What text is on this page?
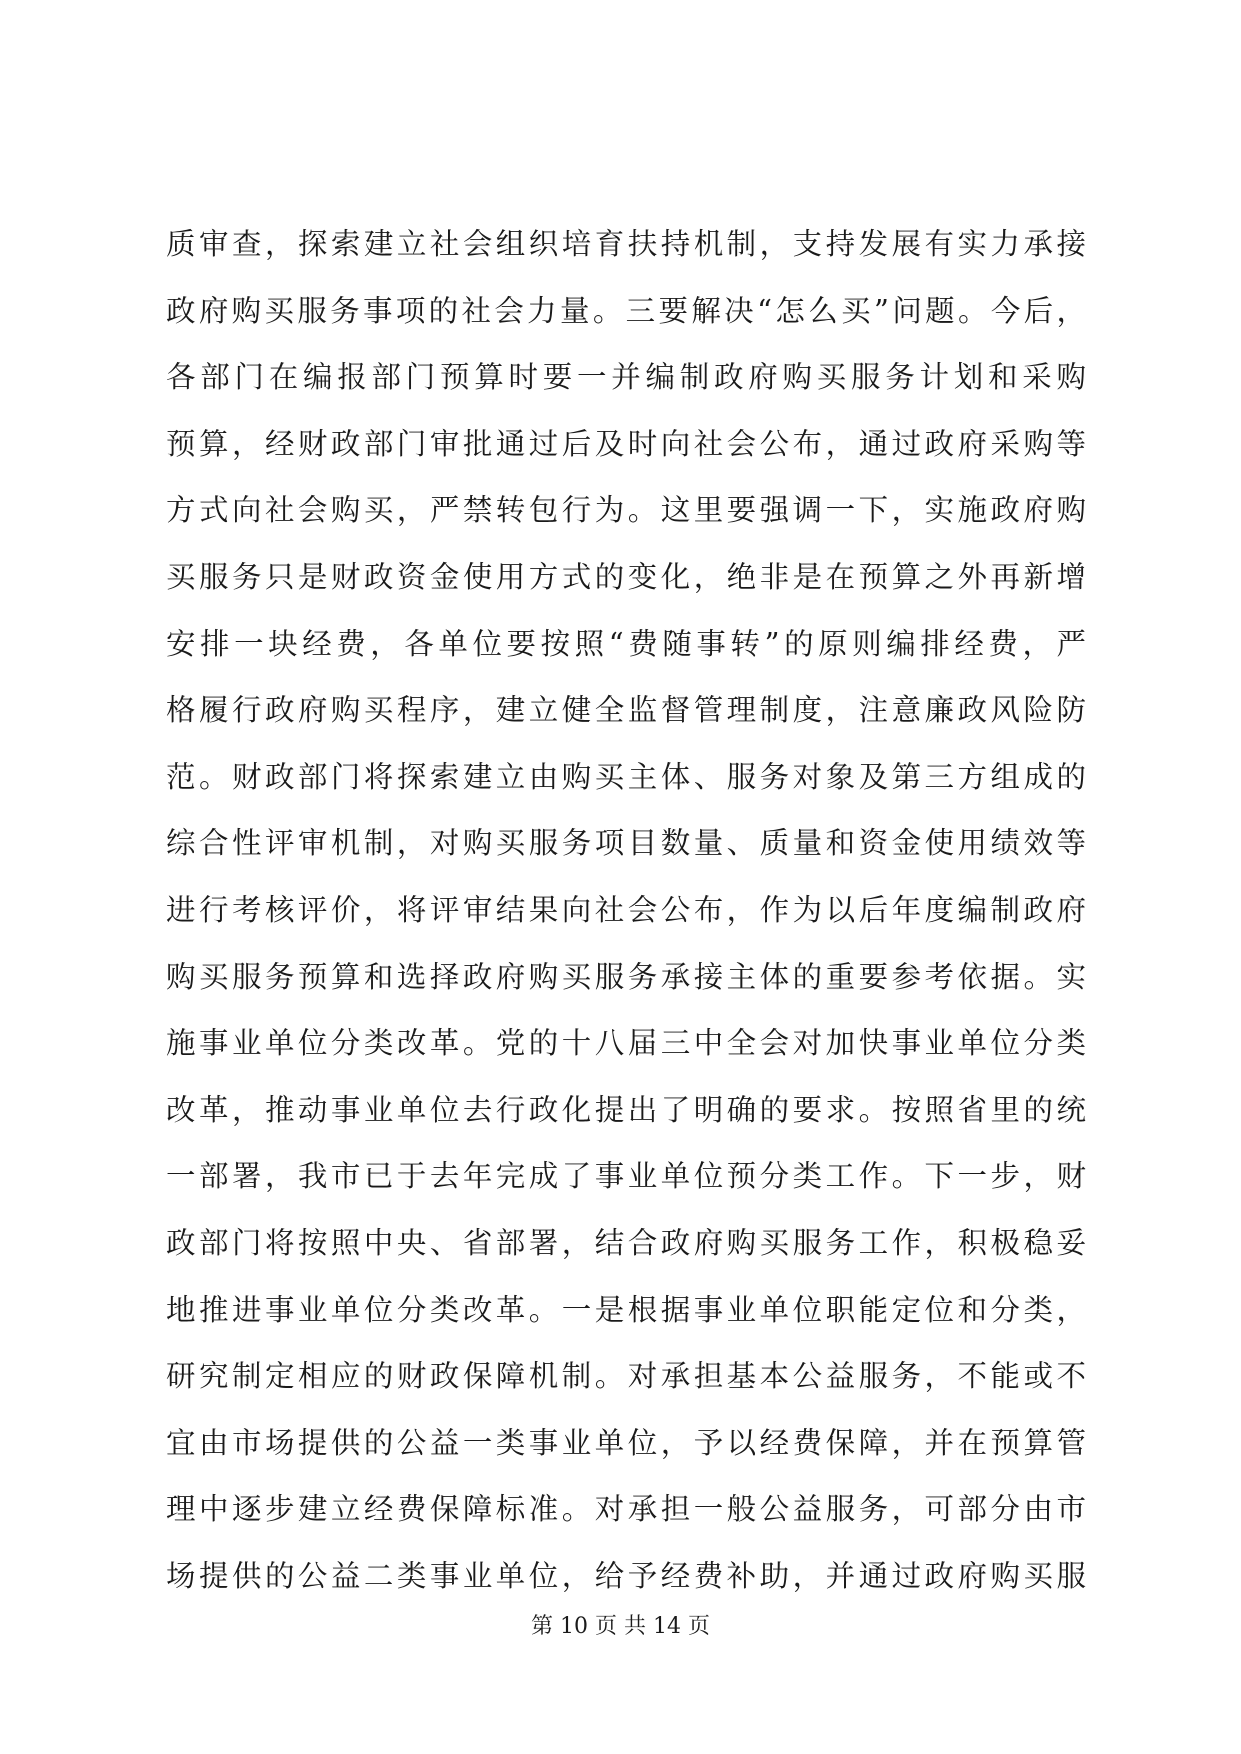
质审查，探索建立社会组织培育扶持机制，支持发展有实力承接
政府购买服务事项的社会力量。三要解决“怎么买”问题。今后，
各部门在编报部门预算时要一并编制政府购买服务计划和采购
预算，经财政部门审批通过后及时向社会公布，通过政府采购等
方式向社会购买，严禁转包行为。这里要强调一下，实施政府购
买服务只是财政资金使用方式的变化，绝非是在预算之外再新增
安排一块经费，各单位要按照“费随事转”的原则编排经费，严
格履行政府购买程序，建立健全监督管理制度，注意廉政风险防
范。财政部门将探索建立由购买主体、服务对象及第三方组成的
综合性评审机制，对购买服务项目数量、质量和资金使用绩效等
进行考核评价，将评审结果向社会公布，作为以后年度编制政府
购买服务预算和选择政府购买服务承接主体的重要参考依据。实
施事业单位分类改革。党的十八届三中全会对加快事业单位分类
改革，推动事业单位去行政化提出了明确的要求。按照省里的统
一部署，我市已于去年完成了事业单位预分类工作。下一步，财
政部门将按照中央、省部署，结合政府购买服务工作，积极稳妥
地推进事业单位分类改革。一是根据事业单位职能定位和分类，
研究制定相应的财政保障机制。对承担基本公益服务，不能或不
宜由市场提供的公益一类事业单位，予以经费保障，并在预算管
理中逐步建立经费保障标准。对承担一般公益服务，可部分由市
场提供的公益二类事业单位，给予经费补助，并通过政府购买服
第 10 页 共 14 页
